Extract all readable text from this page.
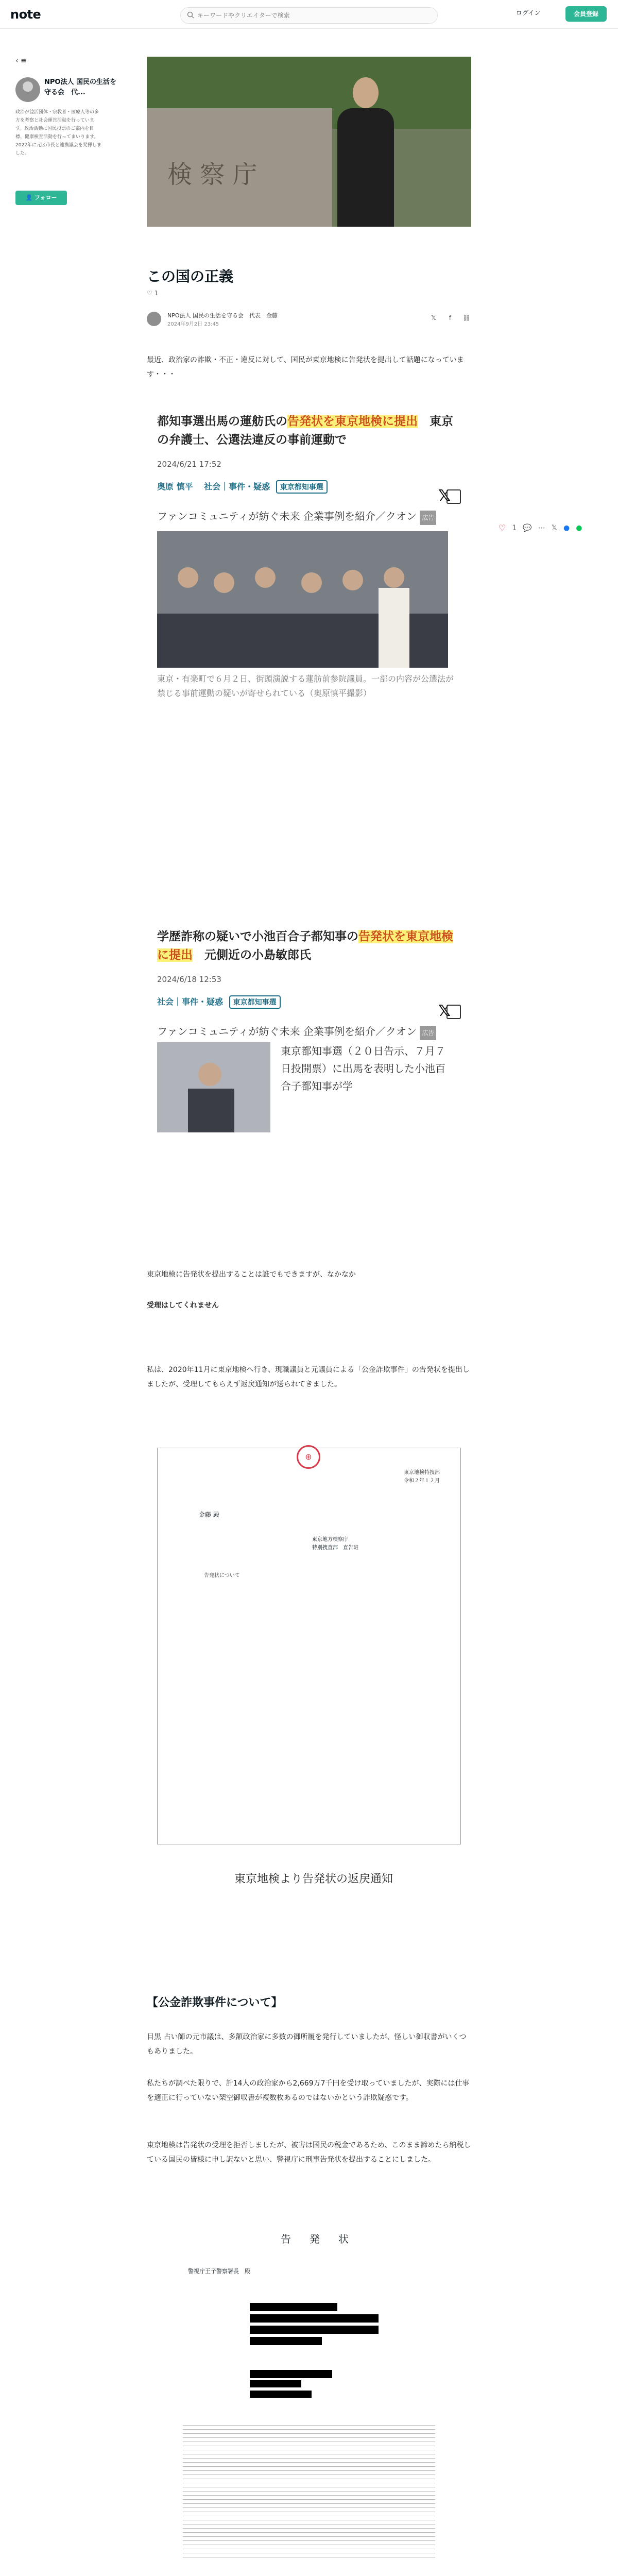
note
キーワードやクリエイターで検索	ログイン	会員登録
‹ ≡
NPO法人 国民の生活を守る会　代...
政治が益活団体・宗教者・医療人等の多方を考察と社会運営活動を行っています。政治活動に国民投票のご案内を目標、健康検査活動を行ってまいります。2022年に元区市長と連携議会を発揮しました。
👤 フォロー
♡ 1 💬 ⋯ 𝕏 ● ●
検 察 庁
この国の正義
♡ 1
NPO法人 国民の生活を守る会　代表　金藤
2024年9月2日 23:45
𝕏	f	⛓
最近、政治家の詐欺・不正・違反に対して、国民が東京地検に告発状を提出して話題になっています・・・
都知事選出馬の蓮舫氏の告発状を東京地検に提出　東京の弁護士、公選法違反の事前運動で
2024/6/21 17:52
𝕏
奥原 慎平　 社会｜事件・疑惑 東京都知事選
ファンコミュニティが紡ぐ未来 企業事例を紹介／クオン 広告
東京・有楽町で６月２日、街頭演説する蓮舫前参院議員。一部の内容が公選法が禁じる事前運動の疑いが寄せられている（奥原慎平撮影）
学歴詐称の疑いで小池百合子都知事の告発状を東京地検に提出　元側近の小島敏郎氏
2024/6/18 12:53
𝕏
社会｜事件・疑惑 東京都知事選
ファンコミュニティが紡ぐ未来 企業事例を紹介／クオン 広告
東京都知事選（２０日告示、７月７日投開票）に出馬を表明した小池百合子都知事が学
東京地検に告発状を提出することは誰でもできますが、なかなか
受理はしてくれません
私は、2020年11月に東京地検へ行き、現職議員と元議員による「公金詐欺事件」の告発状を提出しましたが、受理してもらえず返戻通知が送られてきました。
⊕
東京地検特捜部
令和２年１２月
金藤 殿
東京地方検察庁
特別捜査部　直告班
告発状について
東京地検より告発状の返戻通知
【公金詐欺事件について】
目黒 占い師の元市議は、多額政治家に多数の御所履を発行していましたが、怪しい御収書がいくつもありました。
私たちが調べた限りで、計14人の政治家から2,669万7千円を受け取っていましたが、実際には仕事を適正に行っていない架空御収書が複数枚あるのではないかという詐欺疑惑です。
東京地検は告発状の受理を拒否しましたが、被害は国民の税金であるため、このまま諦めたら納税している国民の皆様に申し訳ないと思い、警視庁に刑事告発状を提出することにしました。
告　発　状
警視庁王子警察署長　殿
